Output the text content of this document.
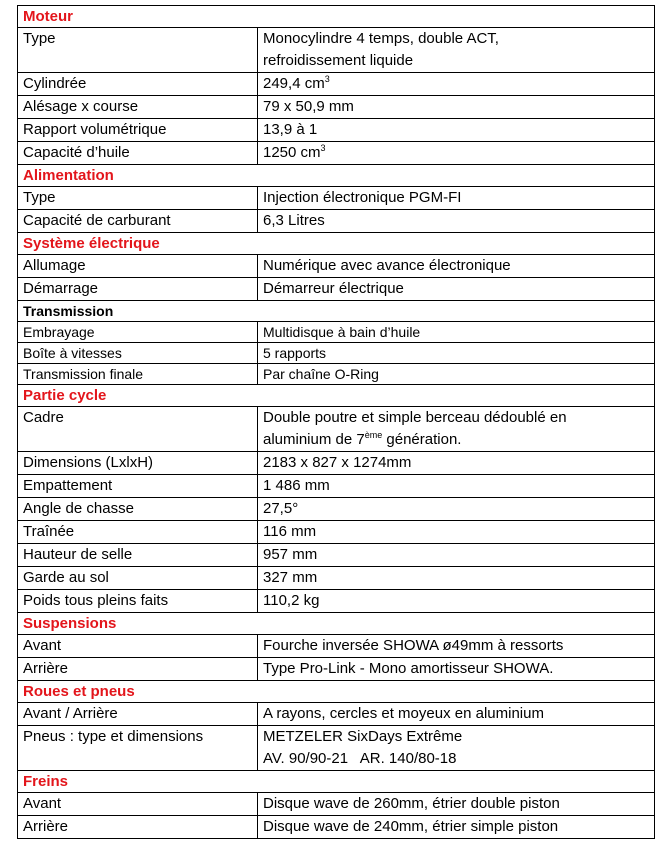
Moteur	
Type	Monocylindre 4 temps, double ACT,
refroidissement liquide

Cylindrée	249,4 $cm^3$
Alésage x course	79 x 50,9 mm
Rapport volumétrique	13,9 à 1
Capacité d’huile	1250 $cm^3$
Alimentation	
Type	Injection électronique PGM-FI
Capacité de carburant	6,3 Litres
Système électrique	
Allumage	Numérique avec avance électronique
Démarrage	Démarreur électrique
Transmission	
Embrayage	Multidisque à bain d’huile
Boîte à vitesses	5 rapports
Transmission finale	Par chaîne O-Ring
Partie cycle	
Cadre	Double poutre et simple berceau dédoublé en
aluminium de 7ème génération.

Dimensions (LxlxH)	2183 x 827 x 1274mm
Empattement	1 486 mm
Angle de chasse	27,5°
Traînée	116 mm
Hauteur de selle	957 mm
Garde au sol	327 mm
Poids tous pleins faits	110,2 kg
Suspensions	
Avant	Fourche inversée SHOWA ø49mm à ressorts
Arrière	Type Pro-Link - Mono amortisseur SHOWA.
Roues et pneus	
Avant / Arrière	A rayons, cercles et moyeux en aluminium
Pneus : type et dimensions	METZELER SixDays Extrême
AV. 90/90-21   AR. 140/80-18

Freins	
Avant	Disque wave de 260mm, étrier double piston
Arrière	Disque wave de 240mm, étrier simple piston
